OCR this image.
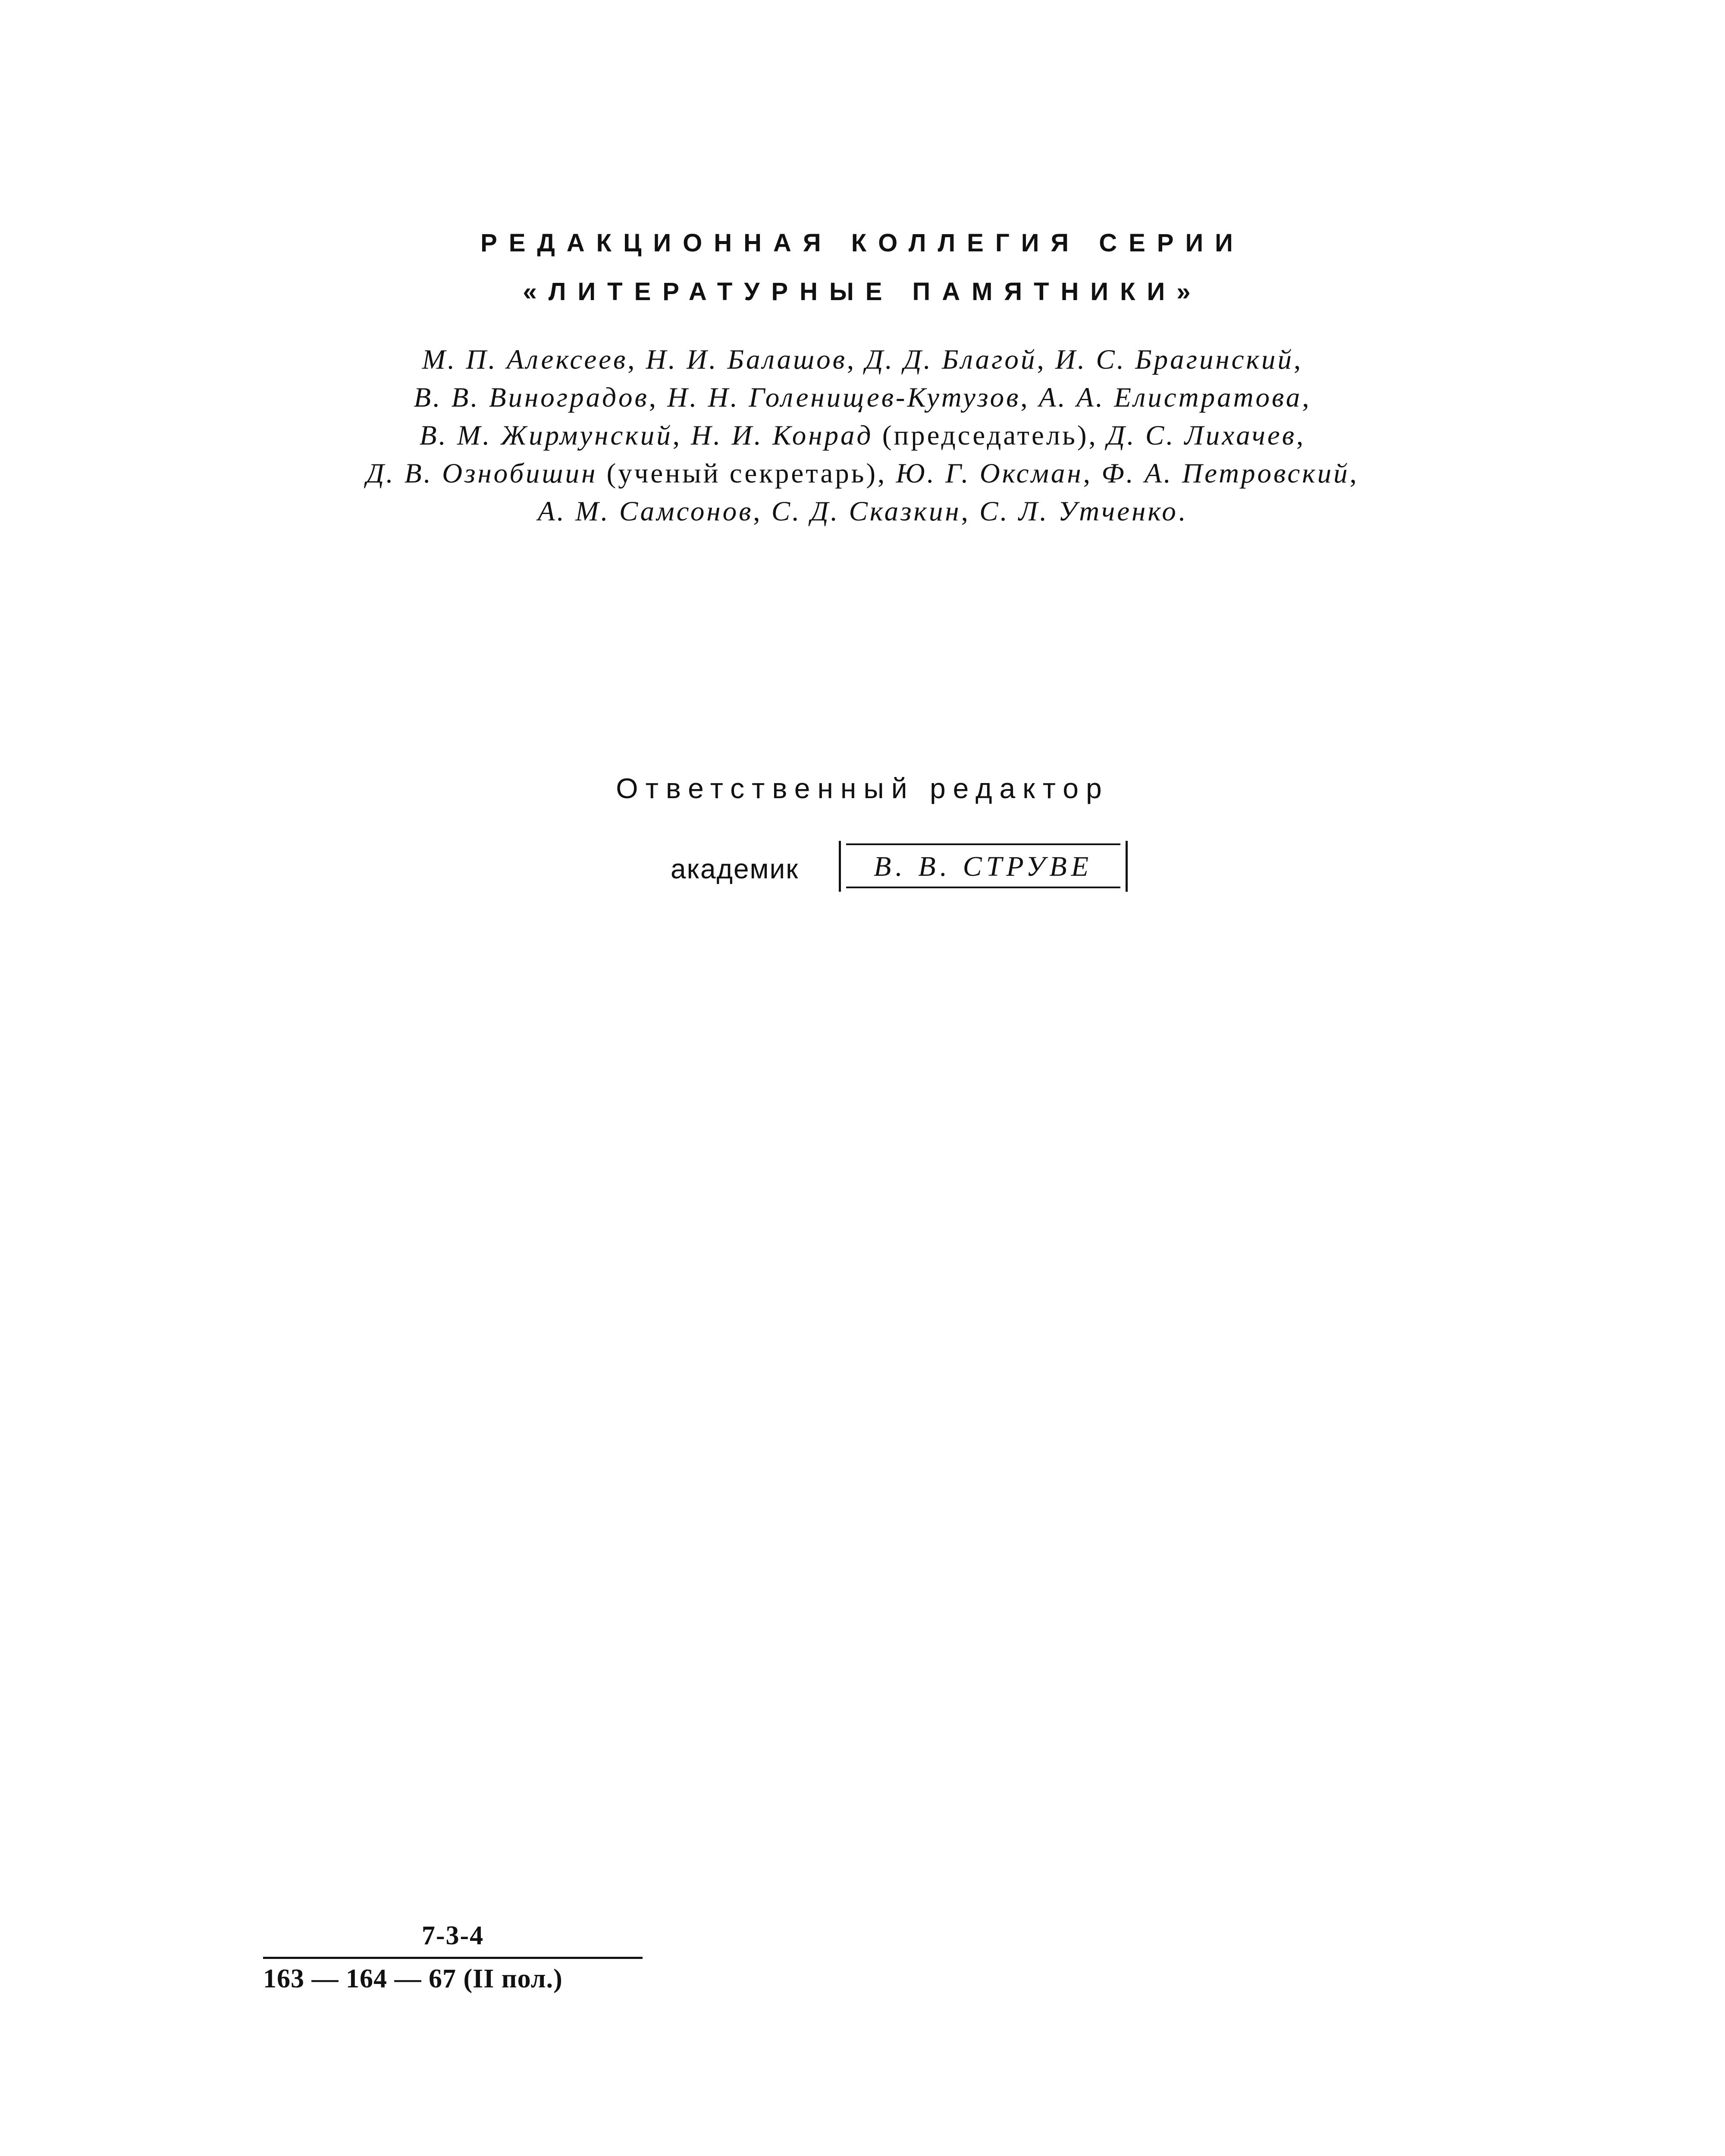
РЕДАКЦИОННАЯ КОЛЛЕГИЯ СЕРИИ
«ЛИТЕРАТУРНЫЕ ПАМЯТНИКИ»
М. П. Алексеев, Н. И. Балашов, Д. Д. Благой, И. С. Брагинский,
В. В. Виноградов, Н. Н. Голенищев-Кутузов, А. А. Елистратова,
В. М. Жирмунский, Н. И. Конрад (председатель), Д. С. Лихачев,
Д. В. Ознобишин (ученый секретарь), Ю. Г. Оксман, Ф. А. Петровский,
А. М. Самсонов, С. Д. Сказкин, С. Л. Утченко.
Ответственный редактор
академик	В. В. СТРУВЕ
7-3-4
163 — 164 — 67 (II пол.)
